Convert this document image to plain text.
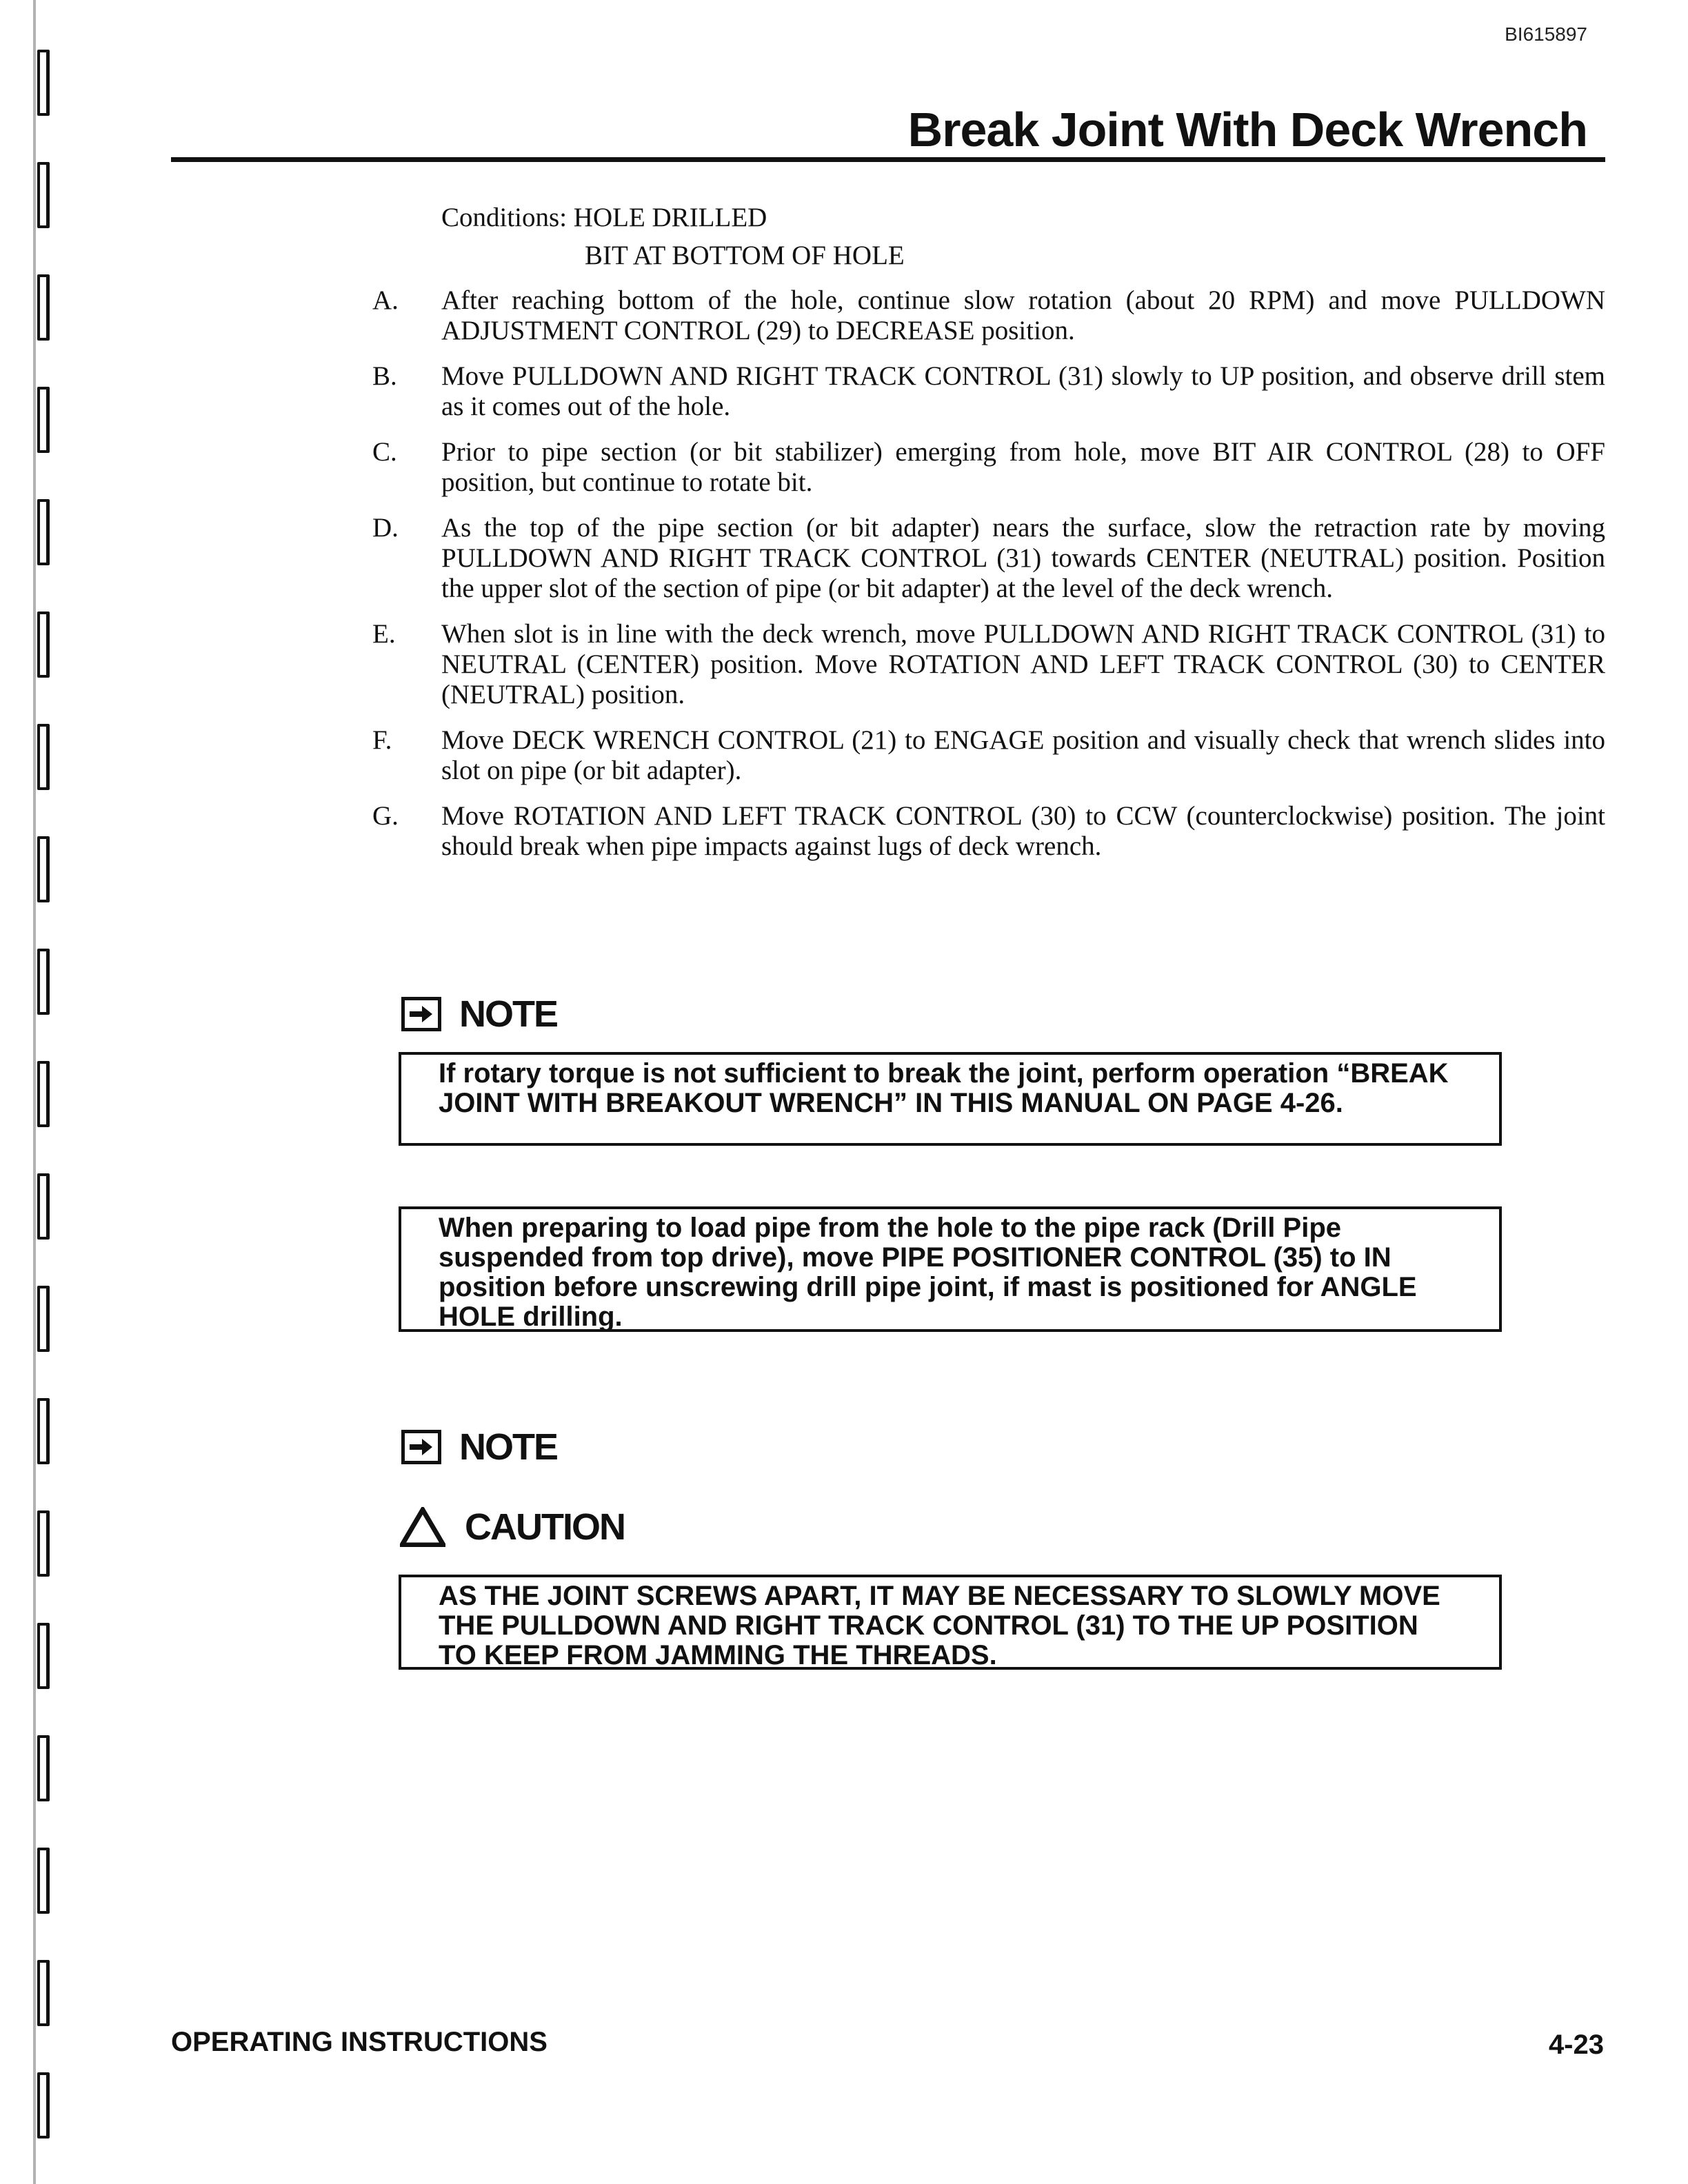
BI615897
Break Joint With Deck Wrench
Conditions: HOLE DRILLED
BIT AT BOTTOM OF HOLE
A.	After reaching bottom of the hole, continue slow rotation (about 20 RPM) and move PULLDOWN ADJUSTMENT CONTROL (29) to DECREASE position.
B.	Move PULLDOWN AND RIGHT TRACK CONTROL (31) slowly to UP position, and observe drill stem as it comes out of the hole.
C.	Prior to pipe section (or bit stabilizer) emerging from hole, move BIT AIR CONTROL (28) to OFF position, but continue to rotate bit.
D.	As the top of the pipe section (or bit adapter) nears the surface, slow the retraction rate by moving PULLDOWN AND RIGHT TRACK CONTROL (31) towards CENTER (NEUTRAL) position. Position the upper slot of the section of pipe (or bit adapter) at the level of the deck wrench.
E.	When slot is in line with the deck wrench, move PULLDOWN AND RIGHT TRACK CONTROL (31) to NEUTRAL (CENTER) position. Move ROTATION AND LEFT TRACK CONTROL (30) to CENTER (NEUTRAL) position.
F.	Move DECK WRENCH CONTROL (21) to ENGAGE position and visually check that wrench slides into slot on pipe (or bit adapter).
G.	Move ROTATION AND LEFT TRACK CONTROL (30) to CCW (counterclockwise) position. The joint should break when pipe impacts against lugs of deck wrench.
NOTE
If rotary torque is not sufficient to break the joint, perform operation “BREAK JOINT WITH BREAKOUT WRENCH” IN THIS MANUAL ON PAGE 4-26.
When preparing to load pipe from the hole to the pipe rack (Drill Pipe suspended from top drive), move PIPE POSITIONER CONTROL (35) to IN position before unscrewing drill pipe joint, if mast is positioned for ANGLE HOLE drilling.
NOTE
CAUTION
AS THE JOINT SCREWS APART, IT MAY BE NECESSARY TO SLOWLY MOVE THE PULLDOWN AND RIGHT TRACK CONTROL (31) TO THE UP POSITION TO KEEP FROM JAMMING THE THREADS.
OPERATING INSTRUCTIONS	4-23
